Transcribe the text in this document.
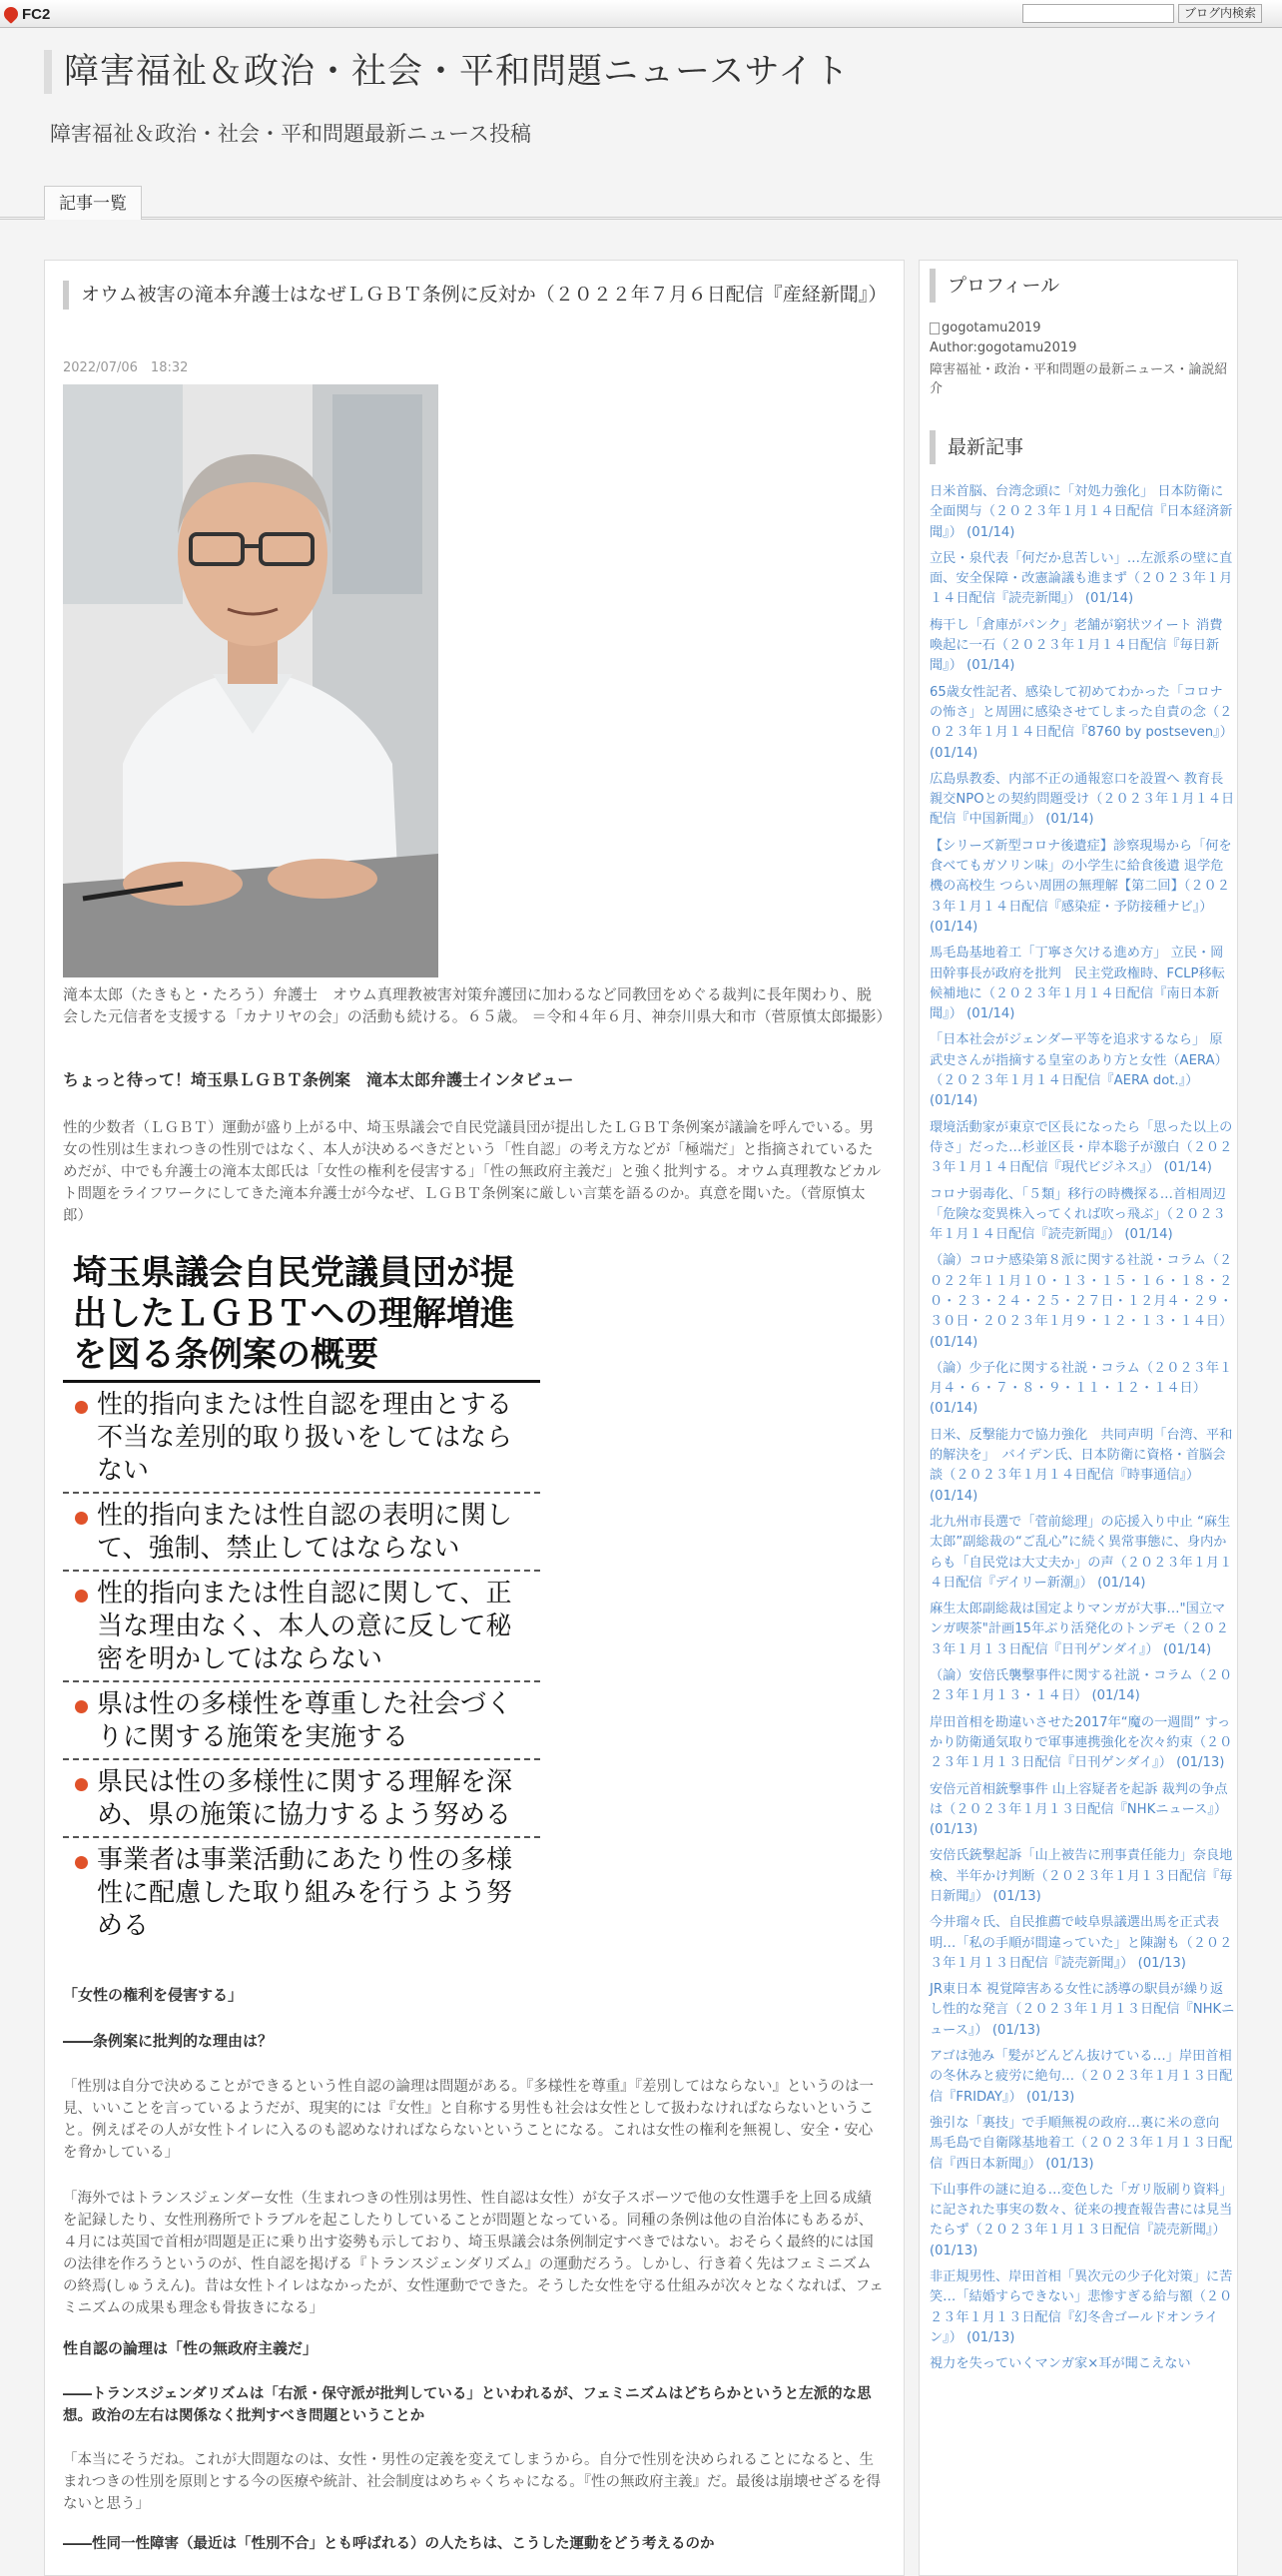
FC2	ブログ内検索
障害福祉＆政治・社会・平和問題ニュースサイト
障害福祉＆政治・社会・平和問題最新ニュース投稿
記事一覧
オウム被害の滝本弁護士はなぜＬＧＢＴ条例に反対か（２０２２年７月６日配信『産経新聞』）
2022/07/06　18:32
滝本太郎（たきもと・たろう）弁護士　オウム真理教被害対策弁護団に加わるなど同教団をめぐる裁判に長年関わり、脱会した元信者を支援する「カナリヤの会」の活動も続ける。６５歳。 ＝令和４年６月、神奈川県大和市（菅原慎太郎撮影）
ちょっと待って！埼玉県ＬＧＢＴ条例案　滝本太郎弁護士インタビュー
性的少数者（ＬＧＢＴ）運動が盛り上がる中、埼玉県議会で自民党議員団が提出したＬＧＢＴ条例案が議論を呼んでいる。男女の性別は生まれつきの性別ではなく、本人が決めるべきだという「性自認」の考え方などが「極端だ」と指摘されているためだが、中でも弁護士の滝本太郎氏は「女性の権利を侵害する」「性の無政府主義だ」と強く批判する。オウム真理教などカルト問題をライフワークにしてきた滝本弁護士が今なぜ、ＬＧＢＴ条例案に厳しい言葉を語るのか。真意を聞いた。（菅原慎太郎）
埼玉県議会自民党議員団が提出したＬＧＢＴへの理解増進を図る条例案の概要
性的指向または性自認を理由とする不当な差別的取り扱いをしてはならない
性的指向または性自認の表明に関して、強制、禁止してはならない
性的指向または性自認に関して、正当な理由なく、本人の意に反して秘密を明かしてはならない
県は性の多様性を尊重した社会づくりに関する施策を実施する
県民は性の多様性に関する理解を深め、県の施策に協力するよう努める
事業者は事業活動にあたり性の多様性に配慮した取り組みを行うよう努める
「女性の権利を侵害する」
――条例案に批判的な理由は？
「性別は自分で決めることができるという性自認の論理は問題がある。『多様性を尊重』『差別してはならない』というのは一見、いいことを言っているようだが、現実的には『女性』と自称する男性も社会は女性として扱わなければならないということ。例えばその人が女性トイレに入るのも認めなければならないということになる。これは女性の権利を無視し、安全・安心を脅かしている」
「海外ではトランスジェンダー女性（生まれつきの性別は男性、性自認は女性）が女子スポーツで他の女性選手を上回る成績を記録したり、女性刑務所でトラブルを起こしたりしていることが問題となっている。同種の条例は他の自治体にもあるが、４月には英国で首相が問題是正に乗り出す姿勢も示しており、埼玉県議会は条例制定すべきではない。おそらく最終的には国の法律を作ろうというのが、性自認を掲げる『トランスジェンダリズム』の運動だろう。しかし、行き着く先はフェミニズムの終焉(しゅうえん)。昔は女性トイレはなかったが、女性運動でできた。そうした女性を守る仕組みが次々となくなれば、フェミニズムの成果も理念も骨抜きになる」
性自認の論理は「性の無政府主義だ」
――トランスジェンダリズムは「右派・保守派が批判している」といわれるが、フェミニズムはどちらかというと左派的な思想。政治の左右は関係なく批判すべき問題ということか
「本当にそうだね。これが大問題なのは、女性・男性の定義を変えてしまうから。自分で性別を決められることになると、生まれつきの性別を原則とする今の医療や統計、社会制度はめちゃくちゃになる。『性の無政府主義』だ。最後は崩壊せざるを得ないと思う」
――性同一性障害（最近は「性別不合」とも呼ばれる）の人たちは、こうした運動をどう考えるのか
プロフィール
gogotamu2019
Author:gogotamu2019
障害福祉・政治・平和問題の最新ニュース・論説紹介
最新記事
日米首脳、台湾念頭に「対処力強化」 日本防衛に全面関与（２０２３年１月１４日配信『日本経済新聞』） (01/14)
立民・泉代表「何だか息苦しい」…左派系の壁に直面、安全保障・改憲論議も進まず（２０２３年１月１４日配信『読売新聞』） (01/14)
梅干し「倉庫がパンク」老舗が窮状ツイート 消費喚起に一石（２０２３年１月１４日配信『毎日新聞』） (01/14)
65歳女性記者、感染して初めてわかった「コロナの怖さ」と周囲に感染させてしまった自責の念（２０２３年１月１４日配信『8760 by postseven』） (01/14)
広島県教委、内部不正の通報窓口を設置へ 教育長親交NPOとの契約問題受け（２０２３年１月１４日配信『中国新聞』） (01/14)
【シリーズ新型コロナ後遺症】診察現場から「何を食べてもガソリン味」の小学生に給食後遺 退学危機の高校生 つらい周囲の無理解【第二回】（２０２３年１月１４日配信『感染症・予防接種ナビ』） (01/14)
馬毛島基地着工「丁寧さ欠ける進め方」 立民・岡田幹事長が政府を批判　民主党政権時、FCLP移転候補地に（２０２３年１月１４日配信『南日本新聞』） (01/14)
「日本社会がジェンダー平等を追求するなら」 原武史さんが指摘する皇室のあり方と女性（AERA）（２０２３年１月１４日配信『AERA dot.』） (01/14)
環境活動家が東京で区長になったら「思った以上の侍さ」だった…杉並区長・岸本聡子が激白（２０２３年１月１４日配信『現代ビジネス』） (01/14)
コロナ弱毒化、「５類」移行の時機探る…首相周辺「危険な変異株入ってくれば吹っ飛ぶ」（２０２３年１月１４日配信『読売新聞』） (01/14)
（論）コロナ感染第８派に関する社説・コラム（２０２２年１１月１０・１３・１５・１６・１８・２０・２３・２４・２５・２７日・１２月４・２９・３０日・２０２３年１月９・１２・１３・１４日） (01/14)
（論）少子化に関する社説・コラム（２０２３年１月４・６・７・８・９・１１・１２・１４日） (01/14)
日米、反撃能力で協力強化　共同声明「台湾、平和的解決を」　バイデン氏、日本防衛に資格・首脳会談（２０２３年１月１４日配信『時事通信』） (01/14)
北九州市長選で「菅前総理」の応援入り中止 “麻生太郎”副総裁の“ご乱心”に続く異常事態に、身内からも「自民党は大丈夫か」の声（２０２３年１月１４日配信『デイリー新潮』） (01/14)
麻生太郎副総裁は国定よりマンガが大事…"国立マンガ喫茶"計画15年ぶり活発化のトンデモ（２０２３年１月１３日配信『日刊ゲンダイ』） (01/14)
（論）安倍氏襲撃事件に関する社説・コラム（２０２３年１月１３・１４日） (01/14)
岸田首相を勘違いさせた2017年“魔の一週間” すっかり防衛通気取りで軍事連携強化を次々約束（２０２３年１月１３日配信『日刊ゲンダイ』） (01/13)
安倍元首相銃撃事件 山上容疑者を起訴 裁判の争点は（２０２３年１月１３日配信『NHKニュース』） (01/13)
安倍氏銃撃起訴「山上被告に刑事責任能力」奈良地検、半年かけ判断（２０２３年１月１３日配信『毎日新聞』） (01/13)
今井瑠々氏、自民推薦で岐阜県議選出馬を正式表明…「私の手順が間違っていた」と陳謝も（２０２３年１月１３日配信『読売新聞』） (01/13)
JR東日本 視覚障害ある女性に誘導の駅員が繰り返し性的な発言（２０２３年１月１３日配信『NHKニュース』） (01/13)
アゴは弛み「髪がどんどん抜けている…」岸田首相の冬休みと疲労に絶句…（２０２３年１月１３日配信『FRIDAY』） (01/13)
強引な「裏技」で手順無視の政府…裏に米の意向　馬毛島で自衛隊基地着工（２０２３年１月１３日配信『西日本新聞』） (01/13)
下山事件の謎に迫る…変色した「ガリ版刷り資料」に記された事実の数々、従来の捜査報告書には見当たらず（２０２３年１月１３日配信『読売新聞』） (01/13)
非正規男性、岸田首相「異次元の少子化対策」に苦笑…「結婚すらできない」悲惨すぎる給与額（２０２３年１月１３日配信『幻冬舎ゴールドオンライン』） (01/13)
視力を失っていくマンガ家×耳が聞こえない
